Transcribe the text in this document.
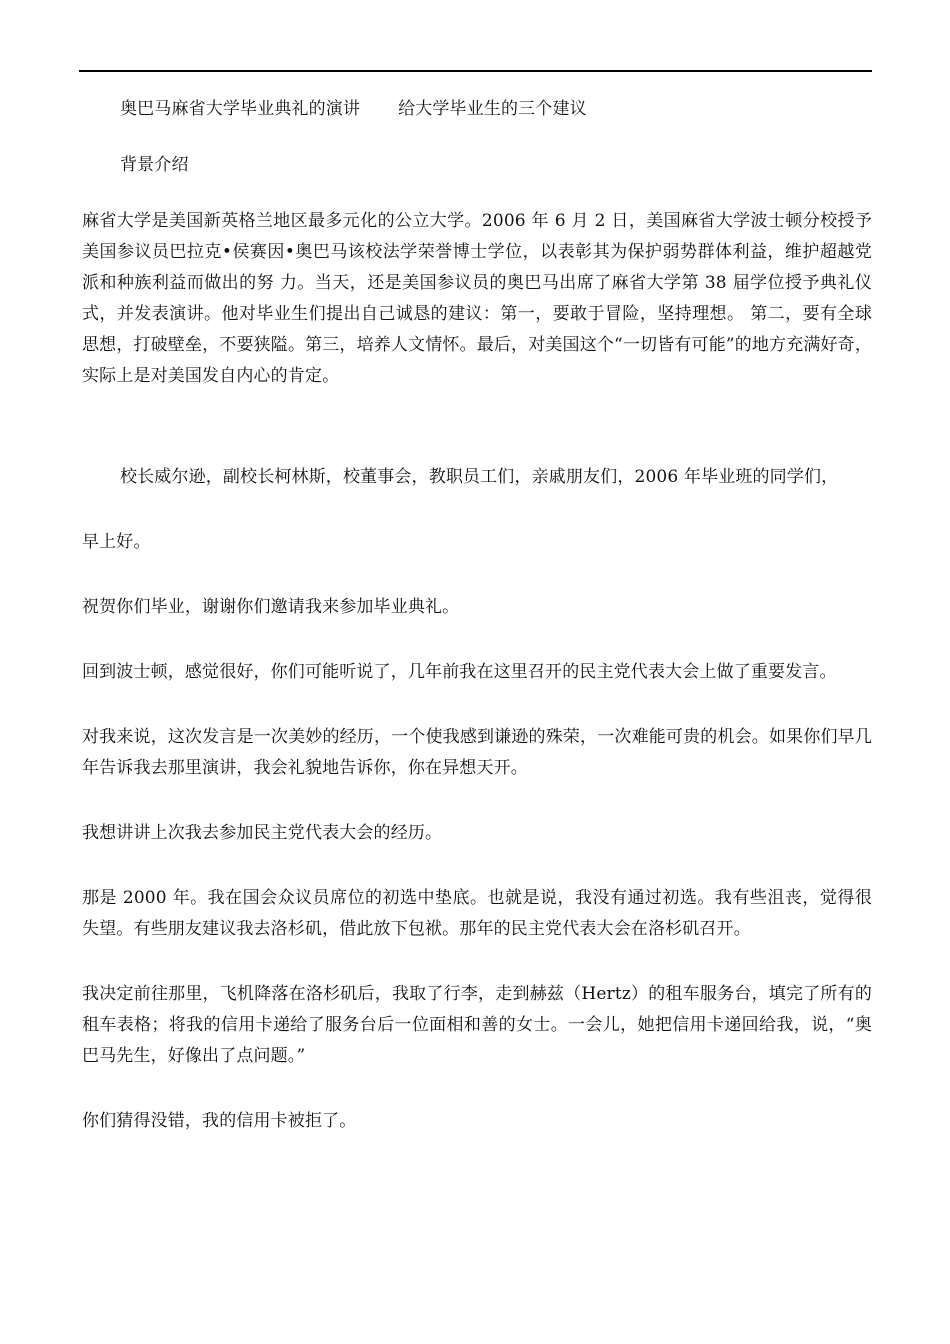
奥巴马麻省大学毕业典礼的演讲 给大学毕业生的三个建议

背景介绍

麻省大学是美国新英格兰地区最多元化的公立大学。2006 年 6 月 2 日，美国麻省大学波士顿分校授予美国参议员巴拉克•侯赛因•奥巴马该校法学荣誉博士学位，以表彰其为保护弱势群体利益，维护超越党派和种族利益而做出的努 力。当天，还是美国参议员的奥巴马出席了麻省大学第 38 届学位授予典礼仪式，并发表演讲。他对毕业生们提出自己诚恳的建议：第一，要敢于冒险，坚持理想。 第二，要有全球思想，打破壁垒，不要狭隘。第三，培养人文情怀。最后，对美国这个“一切皆有可能”的地方充满好奇，实际上是对美国发自内心的肯定。

校长威尔逊，副校长柯林斯，校董事会，教职员工们，亲戚朋友们，2006 年毕业班的同学们，

早上好。

祝贺你们毕业，谢谢你们邀请我来参加毕业典礼。

回到波士顿，感觉很好，你们可能听说了，几年前我在这里召开的民主党代表大会上做了重要发言。

对我来说，这次发言是一次美妙的经历，一个使我感到谦逊的殊荣，一次难能可贵的机会。如果你们早几年告诉我去那里演讲，我会礼貌地告诉你，你在异想天开。

我想讲讲上次我去参加民主党代表大会的经历。

那是 2000 年。我在国会众议员席位的初选中垫底。也就是说，我没有通过初选。我有些沮丧，觉得很失望。有些朋友建议我去洛杉矶，借此放下包袱。那年的民主党代表大会在洛杉矶召开。

我决定前往那里，飞机降落在洛杉矶后，我取了行李，走到赫兹（Hertz）的租车服务台，填完了所有的租车表格；将我的信用卡递给了服务台后一位面相和善的女士。一会儿，她把信用卡递回给我，说，“奥巴马先生，好像出了点问题。”

你们猜得没错，我的信用卡被拒了。
